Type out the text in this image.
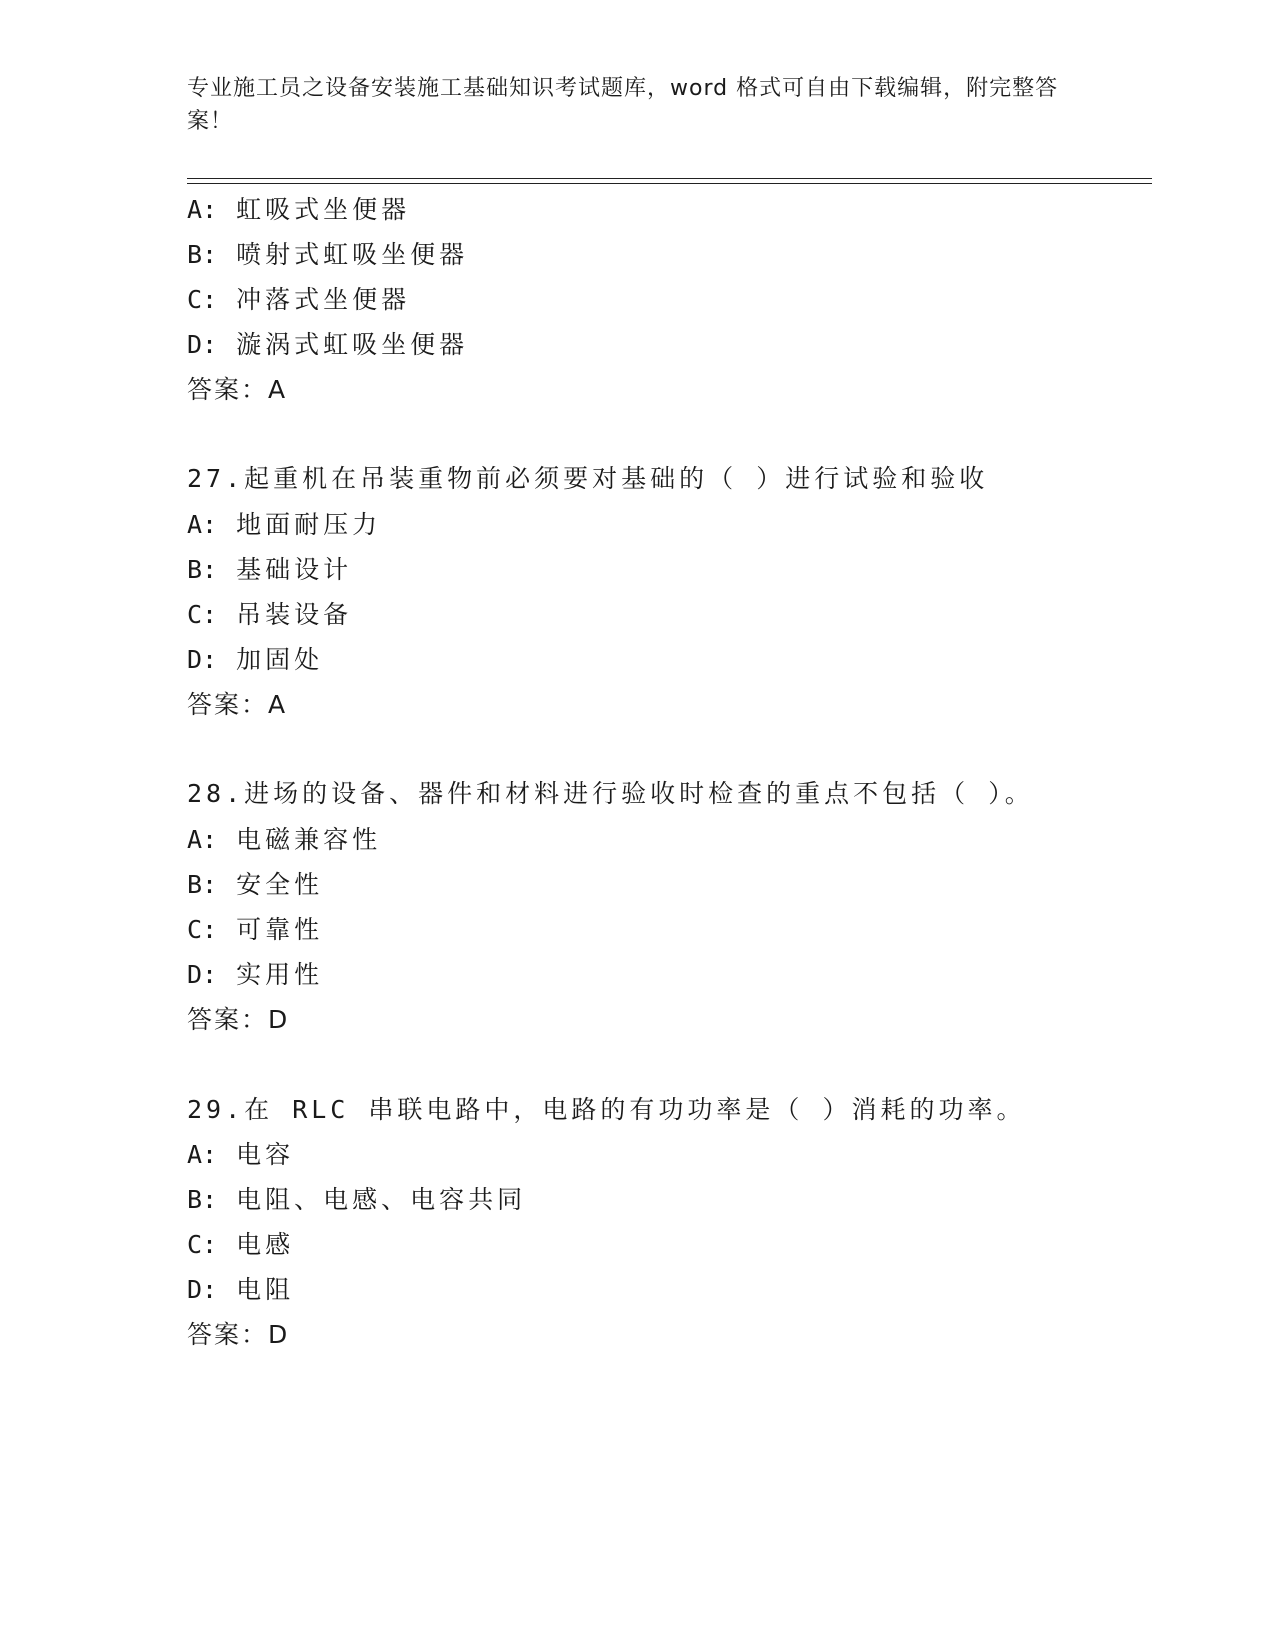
专业施工员之设备安装施工基础知识考试题库，word 格式可自由下载编辑，附完整答案！
A: 虹吸式坐便器
B: 喷射式虹吸坐便器
C: 冲落式坐便器
D: 漩涡式虹吸坐便器
答案：A
27.起重机在吊装重物前必须要对基础的（ ）进行试验和验收
A: 地面耐压力
B: 基础设计
C: 吊装设备
D: 加固处
答案：A
28.进场的设备、器件和材料进行验收时检查的重点不包括（ ）。
A: 电磁兼容性
B: 安全性
C: 可靠性
D: 实用性
答案：D
29.在 RLC 串联电路中，电路的有功功率是（ ）消耗的功率。
A: 电容
B: 电阻、电感、电容共同
C: 电感
D: 电阻
答案：D
